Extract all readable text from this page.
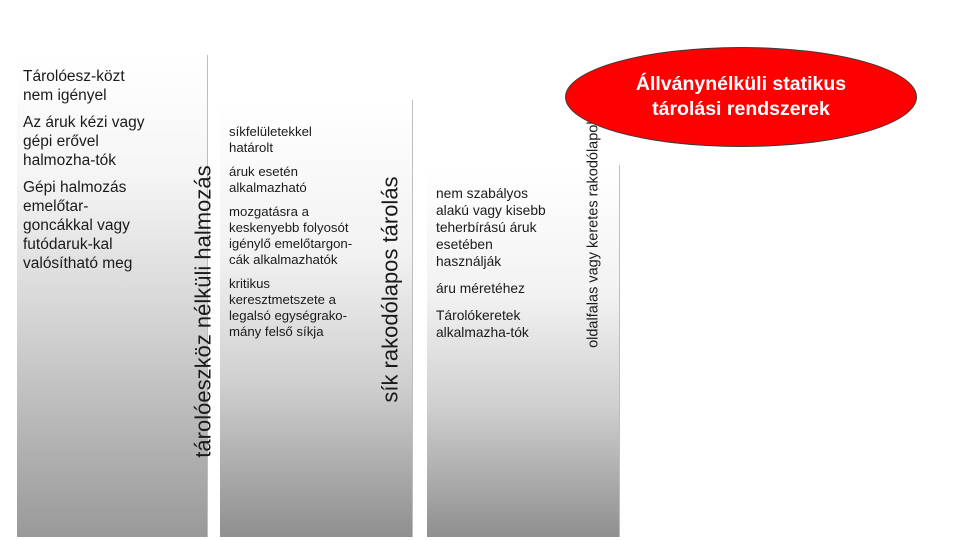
Tárolóesz-közt nem igényel

Az áruk kézi vagy gépi erővel halmozha-tók

Gépi halmozás emelőtar-goncákkal vagy futódaruk-kal valósítható meg	tárolóeszköz nélküli halmozás

síkfelületekkel határolt

áruk esetén alkalmazható

mozgatásra a keskenyebb folyosót igénylő emelőtargon-cák alkalmazhatók

kritikus keresztmetszete a legalsó egységrako-mány felső síkja	sík rakodólapos tárolás nem szabályos alakú vagy kisebb teherbírású áruk esetében használják

áru méretéhez

Tárolókeretek alkalmazha-tók	oldalfalas vagy keretes rakodólapokat
Állványnélküli statikus tárolási rendszerek
